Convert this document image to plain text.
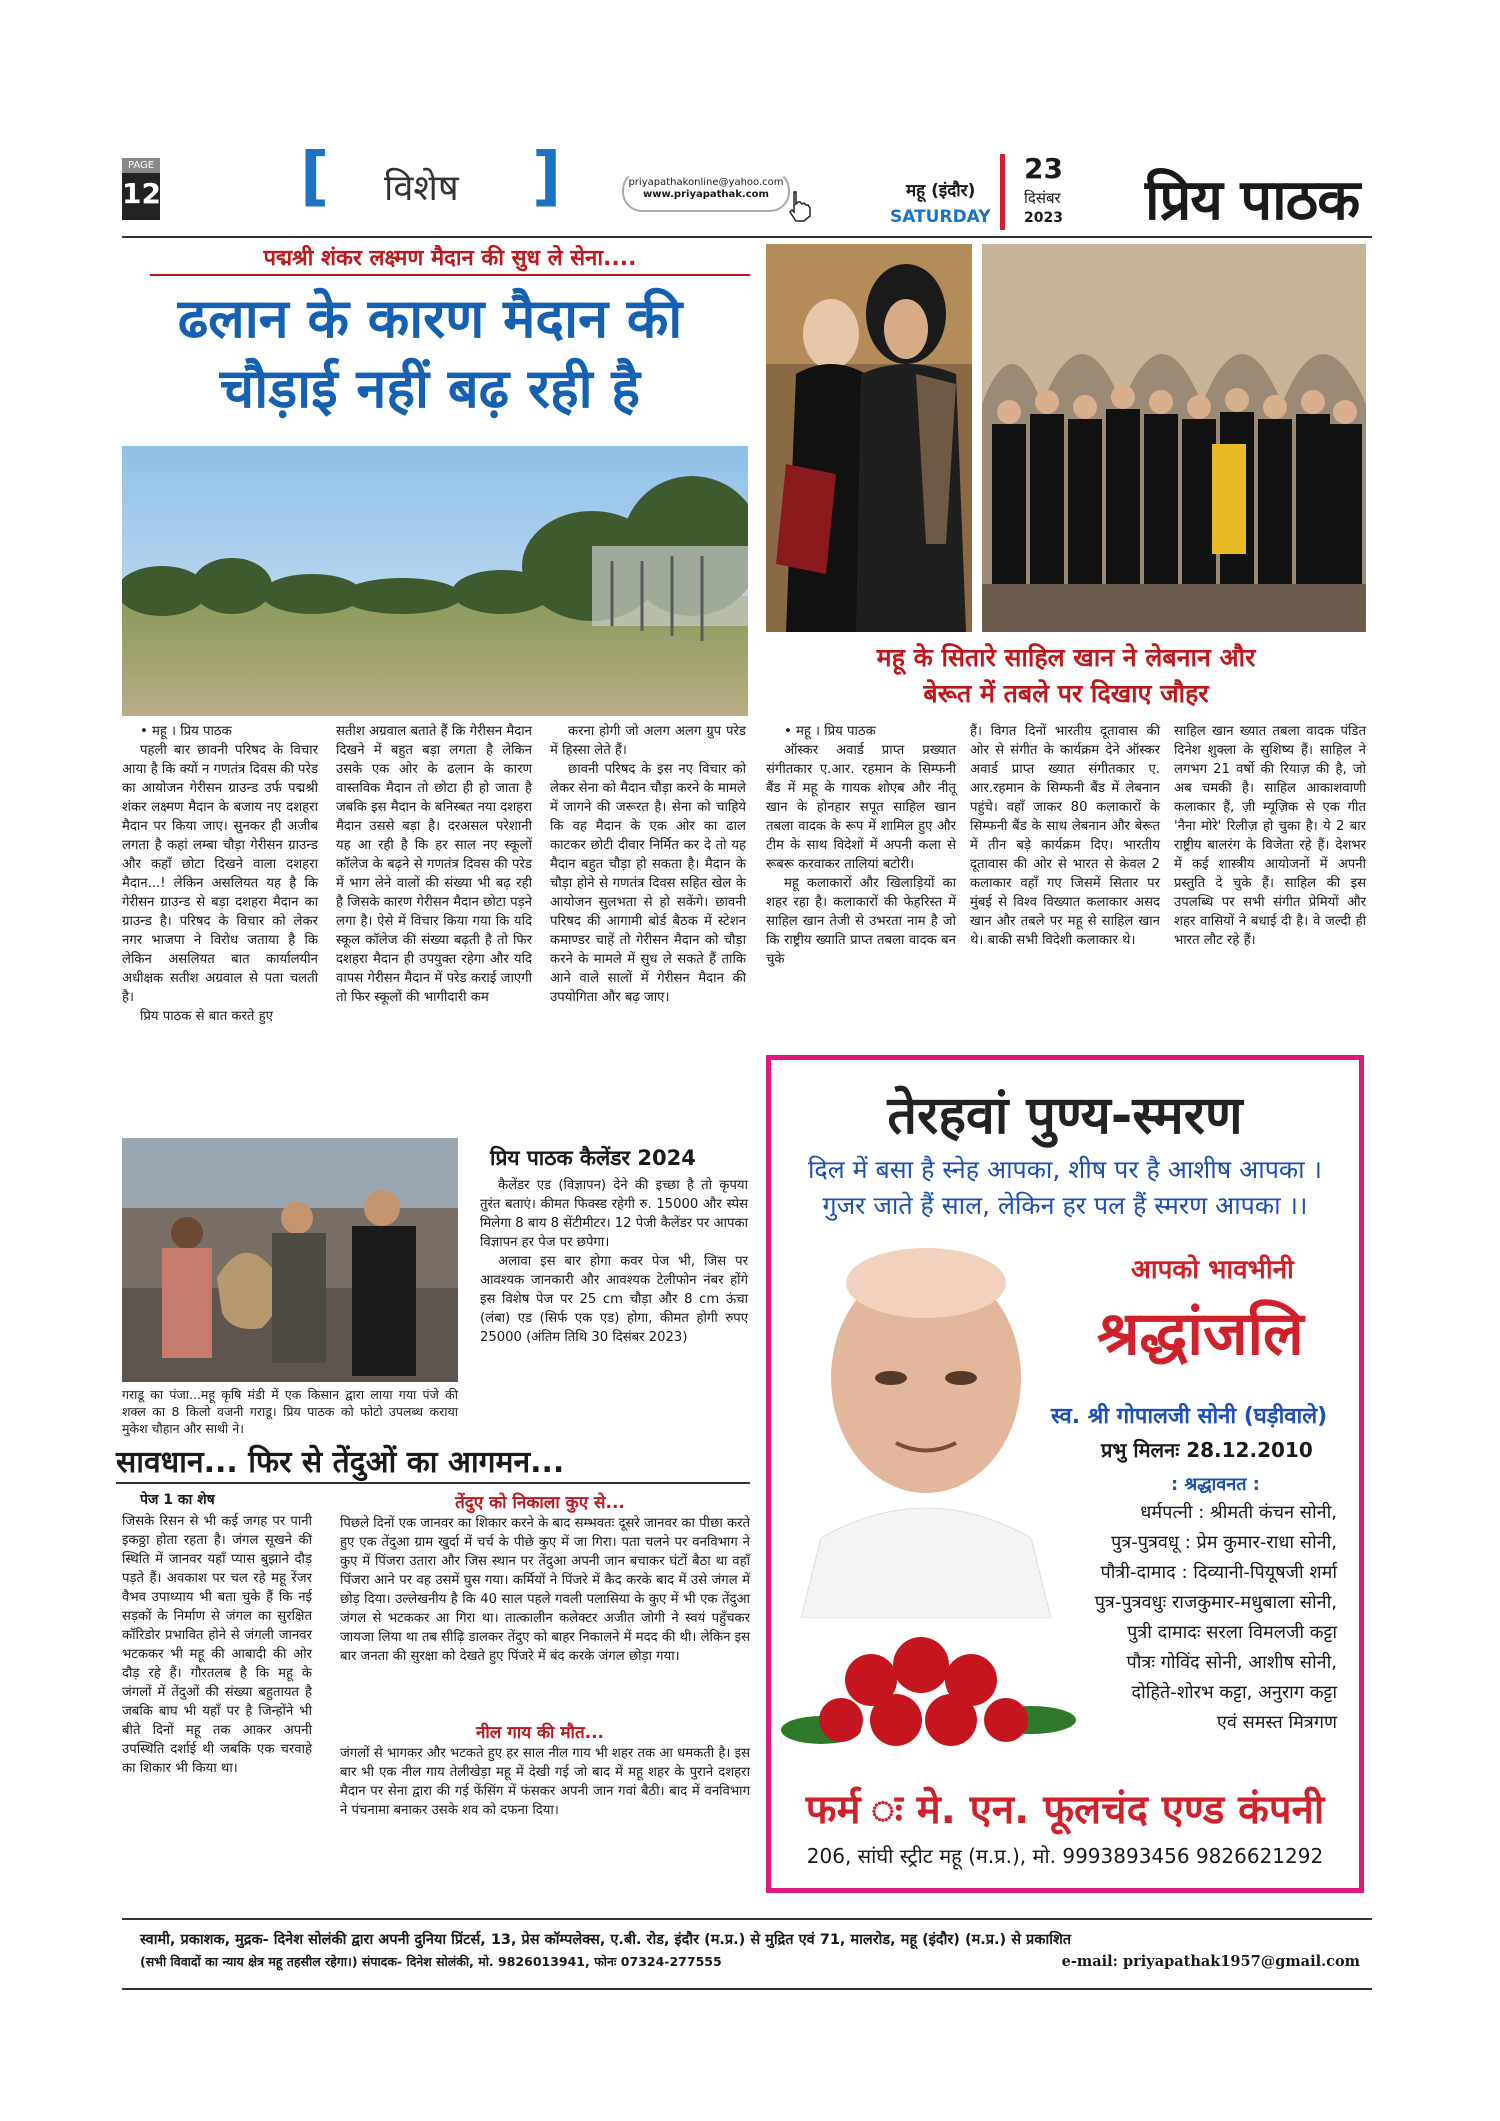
PAGE
12 [ विशेष ]	priyapathakonline@yahoo.com
www.priyapathak.com	महू (इंदौर)
SATURDAY
23
दिसंबर
2023 प्रिय पाठक
पद्मश्री शंकर लक्ष्मण मैदान की सुध ले सेना....
ढलान के कारण मैदान की
चौड़ाई नहीं बढ़ रही है

• महू । प्रिय पाठक

पहली बार छावनी परिषद के विचार आया है कि क्यों न गणतंत्र दिवस की परेड का आयोजन गेरीसन ग्राउन्ड उर्फ पद्मश्री शंकर लक्ष्मण मैदान के बजाय नए दशहरा मैदान पर किया जाए। सुनकर ही अजीब लगता है कहां लम्बा चौड़ा गेरीसन ग्राउन्ड और कहाँ छोटा दिखने वाला दशहरा मैदान...! लेकिन असलियत यह है कि गेरीसन ग्राउन्ड से बड़ा दशहरा मैदान का ग्राउन्ड है। परिषद के विचार को लेकर नगर भाजपा ने विरोध जताया है कि लेकिन असलियत बात कार्यालयीन अधीक्षक सतीश अग्रवाल से पता चलती है।

प्रिय पाठक से बात करते हुए

सतीश अग्रवाल बताते हैं कि गेरीसन मैदान दिखने में बहुत बड़ा लगता है लेकिन उसके एक ओर के ढलान के कारण वास्तविक मैदान तो छोटा ही हो जाता है जबकि इस मैदान के बनिस्बत नया दशहरा मैदान उससे बड़ा है। दरअसल परेशानी यह आ रही है कि हर साल नए स्कूलों कॉलेज के बढ़ने से गणतंत्र दिवस की परेड में भाग लेने वालों की संख्या भी बढ़ रही है जिसके कारण गेरीसन मैदान छोटा पड़ने लगा है। ऐसे में विचार किया गया कि यदि स्कूल कॉलेज की संख्या बढ़ती है तो फिर दशहरा मैदान ही उपयुक्त रहेगा और यदि वापस गेरीसन मैदान में परेड कराई जाएगी तो फिर स्कूलों की भागीदारी कम

करना होगी जो अलग अलग ग्रुप परेड में हिस्सा लेते हैं।

छावनी परिषद के इस नए विचार को लेकर सेना को मैदान चौड़ा करने के मामले में जागने की जरूरत है। सेना को चाहिये कि वह मैदान के एक ओर का ढाल काटकर छोटी दीवार निर्मित कर दे तो यह मैदान बहुत चौड़ा हो सकता है। मैदान के चौड़ा होने से गणतंत्र दिवस सहित खेल के आयोजन सुलभता से हो सकेंगे। छावनी परिषद की आगामी बोर्ड बैठक में स्टेशन कमाण्डर चाहें तो गेरीसन मैदान को चौड़ा करने के मामले में सुध ले सकते हैं ताकि आने वाले सालों में गेरीसन मैदान की उपयोगिता और बढ़ जाए।

महू के सितारे साहिल खान ने लेबनान और
बेरूत में तबले पर दिखाए जौहर

• महू । प्रिय पाठक

ऑस्कर अवार्ड प्राप्त प्रख्यात संगीतकार ए.आर. रहमान के सिम्फनी बैंड में महू के गायक शोएब और नीतू खान के होनहार सपूत साहिल खान तबला वादक के रूप में शामिल हुए और टीम के साथ विदेशों में अपनी कला से रूबरू करवाकर तालियां बटोरी।

महू कलाकारों और खिलाड़ियों का शहर रहा है। कलाकारों की फेहरिस्त में साहिल खान तेजी से उभरता नाम है जो कि राष्ट्रीय ख्याति प्राप्त तबला वादक बन चुके

हैं। विगत दिनों भारतीय दूतावास की ओर से संगीत के कार्यक्रम देने ऑस्कर अवार्ड प्राप्त ख्यात संगीतकार ए. आर.रहमान के सिम्फनी बैंड में लेबनान पहुंचे। वहाँ जाकर 80 कलाकारों के सिम्फनी बैंड के साथ लेबनान और बेरूत में तीन बड़े कार्यक्रम दिए। भारतीय दूतावास की ओर से भारत से केवल 2 कलाकार वहाँ गए जिसमें सितार पर मुंबई से विश्व विख्यात कलाकार असद खान और तबले पर महू से साहिल खान थे। बाकी सभी विदेशी कलाकार थे।
साहिल खान ख्यात तबला वादक पंडित दिनेश शुक्ला के सुशिष्य हैं। साहिल ने लगभग 21 वर्षो की रियाज़ की है, जो अब चमकी है। साहिल आकाशवाणी कलाकार हैं, ज़ी म्यूज़िक से एक गीत 'नैना मोरे' रिलीज़ हो चुका है। ये 2 बार राष्ट्रीय बालरंग के विजेता रहे हैं। देशभर में कई शास्त्रीय आयोजनों में अपनी प्रस्तुति दे चुके हैं। साहिल की इस उपलब्धि पर सभी संगीत प्रेमियों और शहर वासियों ने बधाई दी है। वे जल्दी ही भारत लौट रहे हैं।
गराडू का पंजा...महू कृषि मंडी में एक किसान द्वारा लाया गया पंजे की शक्ल का 8 किलो वजनी गराडू। प्रिय पाठक को फोटो उपलब्ध कराया मुकेश चौहान और साथी ने।
प्रिय पाठक कैलेंडर 2024

कैलेंडर एड (विज्ञापन) देने की इच्छा है तो कृपया तुरंत बताएं। कीमत फिक्स्ड रहेगी रु. 15000 और स्पेस मिलेगा 8 बाय 8 सेंटीमीटर। 12 पेजी कैलेंडर पर आपका विज्ञापन हर पेज पर छपेगा।

अलावा इस बार होगा कवर पेज भी, जिस पर आवश्यक जानकारी और आवश्यक टेलीफोन नंबर होंगे इस विशेष पेज पर 25 cm चौड़ा और 8 cm ऊंचा (लंबा) एड (सिर्फ एक एड) होगा, कीमत होगी रुपए 25000 (अंतिम तिथि 30 दिसंबर 2023)

सावधान... फिर से तेंदुओं का आगमन...
पेज 1 का शेष
जिसके रिसन से भी कई जगह पर पानी इकठ्ठा होता रहता है। जंगल सूखने की स्थिति में जानवर यहाँ प्यास बुझाने दौड़ पड़ते हैं। अवकाश पर चल रहे महू रेंजर वैभव उपाध्याय भी बता चुके हैं कि नई सड़कों के निर्माण से जंगल का सुरक्षित कॉरिडोर प्रभावित होने से जंगली जानवर भटककर भी महू की आबादी की ओर दौड़ रहे हैं। गौरतलब है कि महू के जंगलों में तेंदुओं की संख्या बहुतायत है जबकि बाघ भी यहाँ पर है जिन्होंने भी बीते दिनों महू तक आकर अपनी उपस्थिति दर्शाई थी जबकि एक चरवाहे का शिकार भी किया था।
तेंदुए को निकाला कुए से...
पिछले दिनों एक जानवर का शिकार करने के बाद सम्भवतः दूसरे जानवर का पीछा करते हुए एक तेंदुआ ग्राम खुर्दा में चर्च के पीछे कुए में जा गिरा। पता चलने पर वनविभाग ने कुए में पिंजरा उतारा और जिस स्थान पर तेंदुआ अपनी जान बचाकर घंटों बैठा था वहाँ पिंजरा आने पर वह उसमें घुस गया। कर्मियों ने पिंजरे में कैद करके बाद में उसे जंगल में छोड़ दिया। उल्लेखनीय है कि 40 साल पहले गवली पलासिया के कुए में भी एक तेंदुआ जंगल से भटककर आ गिरा था। तात्कालीन कलेक्टर अजीत जोगी ने स्वयं पहुँचकर जायजा लिया था तब सीढ़ि डालकर तेंदुए को बाहर निकालने में मदद की थी। लेकिन इस बार जनता की सुरक्षा को देखते हुए पिंजरे में बंद करके जंगल छोड़ा गया।
नील गाय की मौत...
जंगलों से भागकर और भटकते हुए हर साल नील गाय भी शहर तक आ धमकती है। इस बार भी एक नील गाय तेलीखेड़ा महू में देखी गई जो बाद में महू शहर के पुराने दशहरा मैदान पर सेना द्वारा की गई फेंसिंग में फंसकर अपनी जान गवां बैठी। बाद में वनविभाग ने पंचनामा बनाकर उसके शव को दफना दिया।
तेरहवां पुण्य-स्मरण
दिल में बसा है स्नेह आपका, शीष पर है आशीष आपका ।
गुजर जाते हैं साल, लेकिन हर पल हैं स्मरण आपका ।।
आपको भावभीनी
श्रद्धांजलि
स्व. श्री गोपालजी सोनी (घड़ीवाले)
प्रभु मिलनः 28.12.2010
: श्रद्धावनत :
धर्मपत्नी : श्रीमती कंचन सोनी,
पुत्र-पुत्रवधू : प्रेम कुमार-राधा सोनी,
पौत्री-दामाद : दिव्यानी-पियूषजी शर्मा
पुत्र-पुत्रवधुः राजकुमार-मधुबाला सोनी,
पुत्री दामादः सरला विमलजी कट्टा
पौत्रः गोविंद सोनी, आशीष सोनी,
दोहिते-शोरभ कट्टा, अनुराग कट्टा
एवं समस्त मित्रगण
फर्म ः मे. एन. फूलचंद एण्ड कंपनी
206, सांघी स्ट्रीट महू (म.प्र.), मो. 9993893456 9826621292
स्वामी, प्रकाशक, मुद्रक- दिनेश सोलंकी द्वारा अपनी दुनिया प्रिंटर्स, 13, प्रेस कॉम्पलेक्स, ए.बी. रोड, इंदौर (म.प्र.) से मुद्रित एवं 71, मालरोड, महू (इंदौर) (म.प्र.) से प्रकाशित
(सभी विवादों का न्याय क्षेत्र महू तहसील रहेगा।) संपादक- दिनेश सोलंकी, मो. 9826013941, फोनः 07324-277555	e-mail: priyapathak1957@gmail.com
